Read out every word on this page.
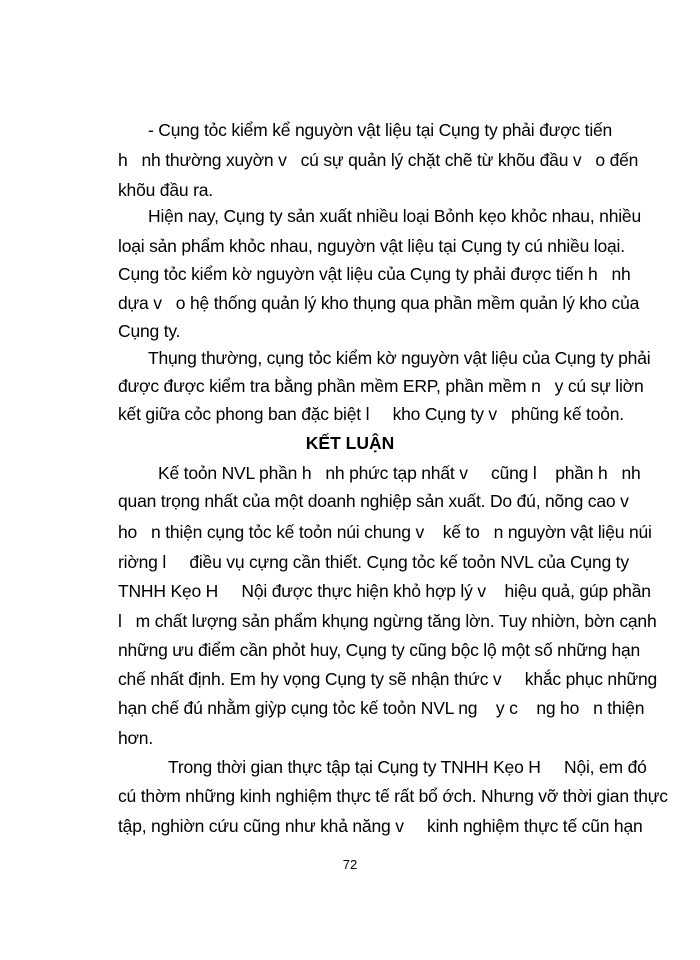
- Cụng tỏc kiểm kể nguyờn vật liệu tại Cụng ty phải được tiến
h   nh thường xuyờn v   cú sự quản lý chặt chẽ từ khõu đầu v   o đến
khõu đầu ra.
Hiện nay, Cụng ty sản xuất nhiều loại Bỏnh kẹo khỏc nhau, nhiều
loại sản phẩm khỏc nhau, nguyờn vật liệu tại Cụng ty cú nhiều loại.
Cụng tỏc kiểm kờ nguyờn vật liệu của Cụng ty phải được tiến h   nh
dựa v   o hệ thống quản lý kho thụng qua phần mềm quản lý kho của
Cụng ty.
Thụng thường, cụng tỏc kiểm kờ nguyờn vật liệu của Cụng ty phải
được được kiểm tra bằng phần mềm ERP, phần mềm n   y cú sự liờn
kết giữa cỏc phong ban đặc biệt l     kho Cụng ty v   phũng kế toỏn.
KẾT LUẬN
Kế toỏn NVL phần h   nh phức tạp nhất v     cũng l    phần h   nh
quan trọng nhất của một doanh nghiệp sản xuất. Do đú, nõng cao v
ho   n thiện cụng tỏc kế toỏn núi chung v    kế to   n nguyờn vật liệu núi
riờng l     điều vụ cựng cần thiết. Cụng tỏc kế toỏn NVL của Cụng ty
TNHH Kẹo H     Nội được thực hiện khỏ hợp lý v    hiệu quả, gúp phần
l   m chất lượng sản phẩm khụng ngừng tăng lờn. Tuy nhiờn, bờn cạnh
những ưu điểm cần phỏt huy, Cụng ty cũng bộc lộ một số những hạn
chế nhất định. Em hy vọng Cụng ty sẽ nhận thức v     khắc phục những
hạn chế đú nhằm giỳp cụng tỏc kế toỏn NVL ng    y c    ng ho   n thiện
hơn.
Trong thời gian thực tập tại Cụng ty TNHH Kẹo H     Nội, em đó
cú thờm những kinh nghiệm thực tế rất bổ ớch. Nhưng vỡ thời gian thực
tập, nghiờn cứu cũng như khả năng v     kinh nghiệm thực tế cũn hạn
72
